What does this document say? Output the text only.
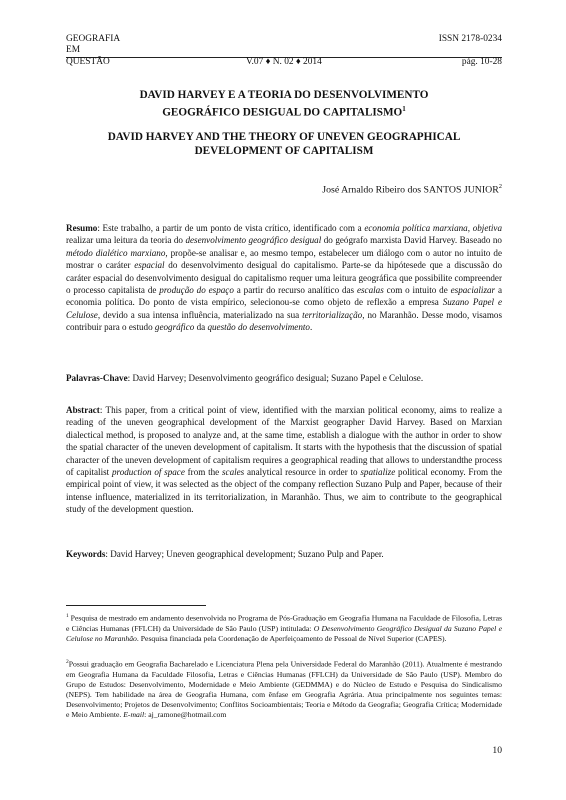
GEOGRAFIA
EM
QUESTÃO	V.07 ♦ N. 02 ♦ 2014
ISSN 2178-0234
pág. 10-28
DAVID HARVEY E A TEORIA DO DESENVOLVIMENTO
GEOGRÁFICO DESIGUAL DO CAPITALISMO$^1$
DAVID HARVEY AND THE THEORY OF UNEVEN GEOGRAPHICAL
DEVELOPMENT OF CAPITALISM
José Arnaldo Ribeiro dos SANTOS JUNIOR$^2$
Resumo: Este trabalho, a partir de um ponto de vista crítico, identificado com a economia política marxiana, objetiva realizar uma leitura da teoria do desenvolvimento geográfico desigual do geógrafo marxista David Harvey. Baseado no método dialético marxiano, propõe-se analisar e, ao mesmo tempo, estabelecer um diálogo com o autor no intuito de mostrar o caráter espacial do desenvolvimento desigual do capitalismo. Parte-se da hipótesede que a discussão do caráter espacial do desenvolvimento desigual do capitalismo requer uma leitura geográfica que possibilite compreender o processo capitalista de produção do espaço a partir do recurso analítico das escalas com o intuito de espacializar a economia política. Do ponto de vista empírico, selecionou-se como objeto de reflexão a empresa Suzano Papel e Celulose, devido a sua intensa influência, materializado na sua territorialização, no Maranhão. Desse modo, visamos contribuir para o estudo geográfico da questão do desenvolvimento.
Palavras-Chave: David Harvey; Desenvolvimento geográfico desigual; Suzano Papel e Celulose.
Abstract: This paper, from a critical point of view, identified with the marxian political economy, aims to realize a reading of the uneven geographical development of the Marxist geographer David Harvey. Based on Marxian dialectical method, is proposed to analyze and, at the same time, establish a dialogue with the author in order to show the spatial character of the uneven development of capitalism. It starts with the hypothesis that the discussion of spatial character of the uneven development of capitalism requires a geographical reading that allows to understandthe process of capitalist production of space from the scales analytical resource in order to spatialize political economy. From the empirical point of view, it was selected as the object of the company reflection Suzano Pulp and Paper, because of their intense influence, materialized in its territorialization, in Maranhão. Thus, we aim to contribute to the geographical study of the development question.
Keywords: David Harvey; Uneven geographical development; Suzano Pulp and Paper.
$^1$ Pesquisa de mestrado em andamento desenvolvida no Programa de Pós-Graduação em Geografia Humana na Faculdade de Filosofia, Letras e Ciências Humanas (FFLCH) da Universidade de São Paulo (USP) intitulada: O Desenvolvimento Geográfico Desigual da Suzano Papel e Celulose no Maranhão. Pesquisa financiada pela Coordenação de Aperfeiçoamento de Pessoal de Nível Superior (CAPES).
$^2$Possui graduação em Geografia Bacharelado e Licenciatura Plena pela Universidade Federal do Maranhão (2011). Atualmente é mestrando em Geografia Humana da Faculdade Filosofia, Letras e Ciências Humanas (FFLCH) da Universidade de São Paulo (USP). Membro do Grupo de Estudos: Desenvolvimento, Modernidade e Meio Ambiente (GEDMMA) e do Núcleo de Estudo e Pesquisa do Sindicalismo (NEPS). Tem habilidade na área de Geografia Humana, com ênfase em Geografia Agrária. Atua principalmente nos seguintes temas: Desenvolvimento; Projetos de Desenvolvimento; Conflitos Socioambientais; Teoria e Método da Geografia; Geografia Crítica; Modernidade e Meio Ambiente. E-mail: aj_ramone@hotmail.com
10
